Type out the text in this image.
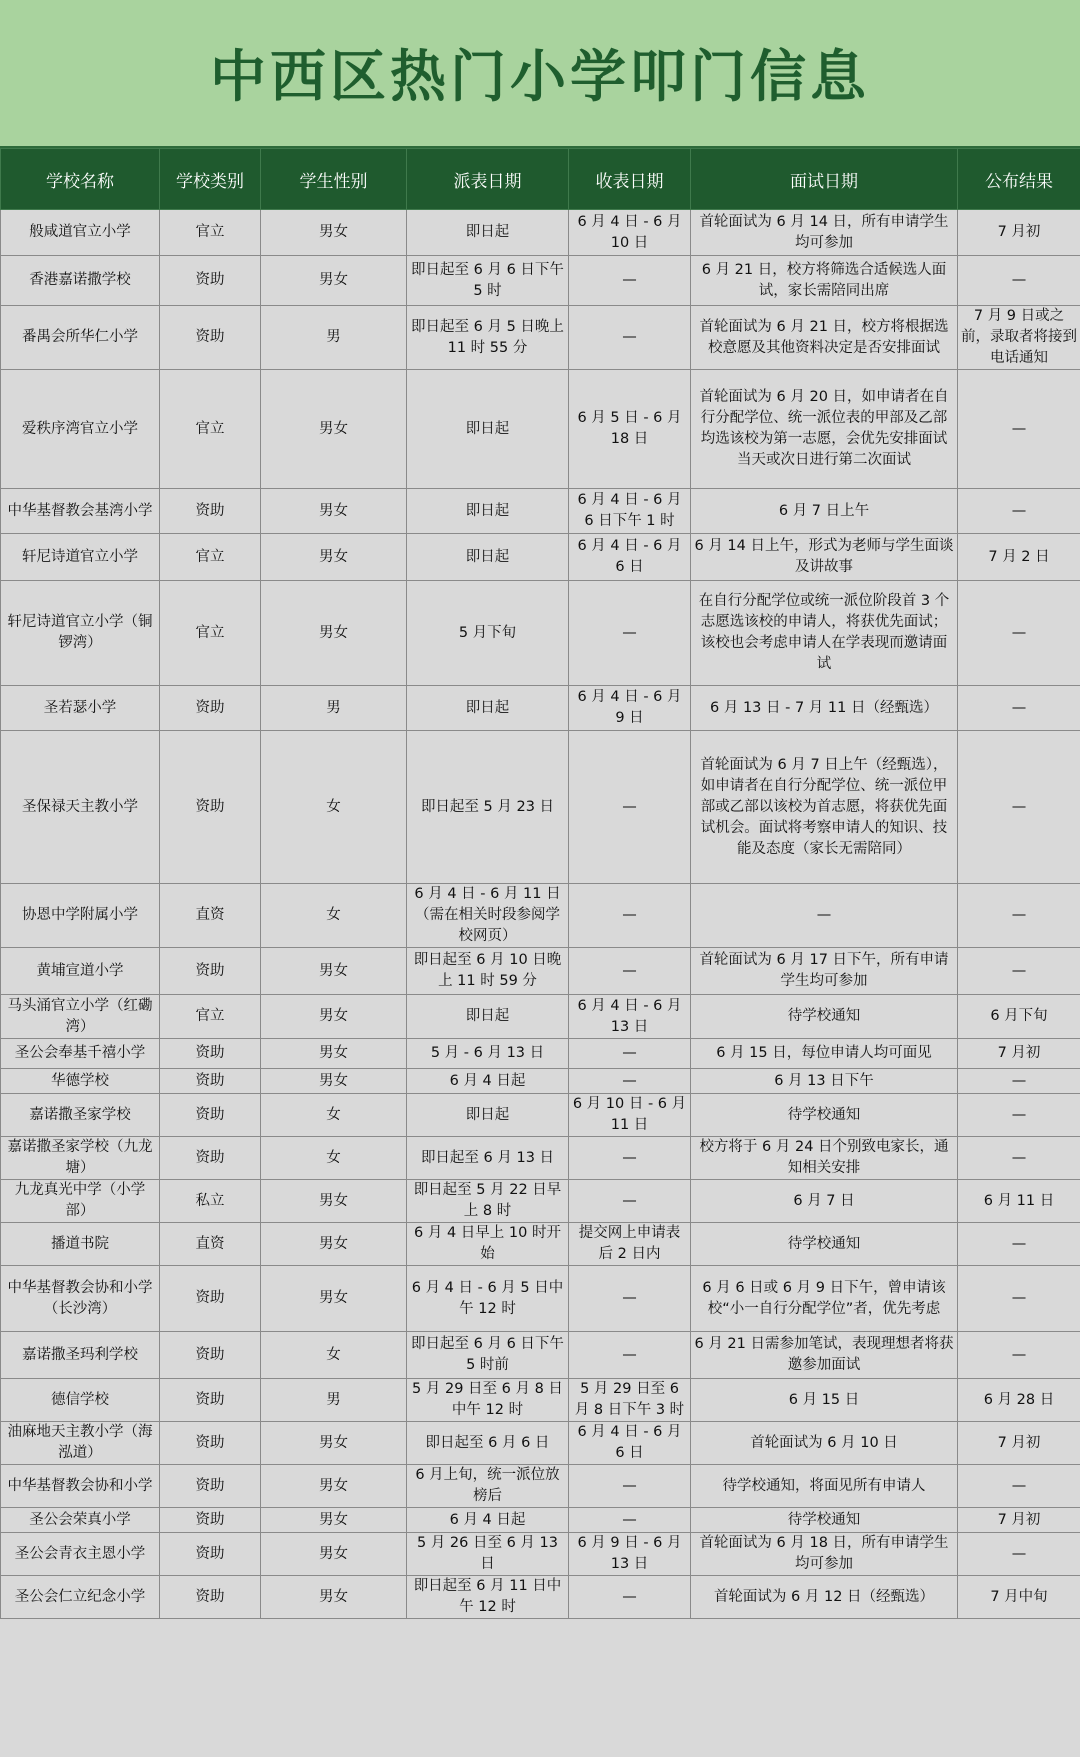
中西区热门小学叩门信息
学校名称	学校类别	学生性别	派表日期	收表日期	面试日期	公布结果
般咸道官立小学	官立	男女	即日起	6 月 4 日 - 6 月 10 日	首轮面试为 6 月 14 日，所有申请学生均可参加	7 月初
香港嘉诺撒学校	资助	男女	即日起至 6 月 6 日下午 5 时	—	6 月 21 日，校方将筛选合适候选人面试，家长需陪同出席	—
番禺会所华仁小学	资助	男	即日起至 6 月 5 日晚上 11 时 55 分	—	首轮面试为 6 月 21 日，校方将根据选校意愿及其他资料决定是否安排面试	7 月 9 日或之前，录取者将接到电话通知
爱秩序湾官立小学	官立	男女	即日起	6 月 5 日 - 6 月 18 日	首轮面试为 6 月 20 日，如申请者在自行分配学位、统一派位表的甲部及乙部均选该校为第一志愿，会优先安排面试当天或次日进行第二次面试	—
中华基督教会基湾小学	资助	男女	即日起	6 月 4 日 - 6 月 6 日下午 1 时	6 月 7 日上午	—
轩尼诗道官立小学	官立	男女	即日起	6 月 4 日 - 6 月 6 日	6 月 14 日上午，形式为老师与学生面谈及讲故事	7 月 2 日
轩尼诗道官立小学（铜锣湾）	官立	男女	5 月下旬	—	在自行分配学位或统一派位阶段首 3 个志愿选该校的申请人，将获优先面试；该校也会考虑申请人在学表现而邀请面试	—
圣若瑟小学	资助	男	即日起	6 月 4 日 - 6 月 9 日	6 月 13 日 - 7 月 11 日（经甄选）	—
圣保禄天主教小学	资助	女	即日起至 5 月 23 日	—	首轮面试为 6 月 7 日上午（经甄选），如申请者在自行分配学位、统一派位甲部或乙部以该校为首志愿，将获优先面试机会。面试将考察申请人的知识、技能及态度（家长无需陪同）	—
协恩中学附属小学	直资	女	6 月 4 日 - 6 月 11 日（需在相关时段参阅学校网页）	—	—	—
黄埔宣道小学	资助	男女	即日起至 6 月 10 日晚上 11 时 59 分	—	首轮面试为 6 月 17 日下午，所有申请学生均可参加	—
马头涌官立小学（红磡湾）	官立	男女	即日起	6 月 4 日 - 6 月 13 日	待学校通知	6 月下旬
圣公会奉基千禧小学	资助	男女	5 月 - 6 月 13 日	—	6 月 15 日，每位申请人均可面见	7 月初
华德学校	资助	男女	6 月 4 日起	—	6 月 13 日下午	—
嘉诺撒圣家学校	资助	女	即日起	6 月 10 日 - 6 月 11 日	待学校通知	—
嘉诺撒圣家学校（九龙塘）	资助	女	即日起至 6 月 13 日	—	校方将于 6 月 24 日个别致电家长，通知相关安排	—
九龙真光中学（小学部）	私立	男女	即日起至 5 月 22 日早上 8 时	—	6 月 7 日	6 月 11 日
播道书院	直资	男女	6 月 4 日早上 10 时开始	提交网上申请表后 2 日内	待学校通知	—
中华基督教会协和小学（长沙湾）	资助	男女	6 月 4 日 - 6 月 5 日中午 12 时	—	6 月 6 日或 6 月 9 日下午，曾申请该校“小一自行分配学位”者，优先考虑	—
嘉诺撒圣玛利学校	资助	女	即日起至 6 月 6 日下午 5 时前	—	6 月 21 日需参加笔试，表现理想者将获邀参加面试	—
德信学校	资助	男	5 月 29 日至 6 月 8 日中午 12 时	5 月 29 日至 6 月 8 日下午 3 时	6 月 15 日	6 月 28 日
油麻地天主教小学（海泓道）	资助	男女	即日起至 6 月 6 日	6 月 4 日 - 6 月 6 日	首轮面试为 6 月 10 日	7 月初
中华基督教会协和小学	资助	男女	6 月上旬，统一派位放榜后	—	待学校通知，将面见所有申请人	—
圣公会荣真小学	资助	男女	6 月 4 日起	—	待学校通知	7 月初
圣公会青衣主恩小学	资助	男女	5 月 26 日至 6 月 13 日	6 月 9 日 - 6 月 13 日	首轮面试为 6 月 18 日，所有申请学生均可参加	—
圣公会仁立纪念小学	资助	男女	即日起至 6 月 11 日中午 12 时	—	首轮面试为 6 月 12 日（经甄选）	7 月中旬
